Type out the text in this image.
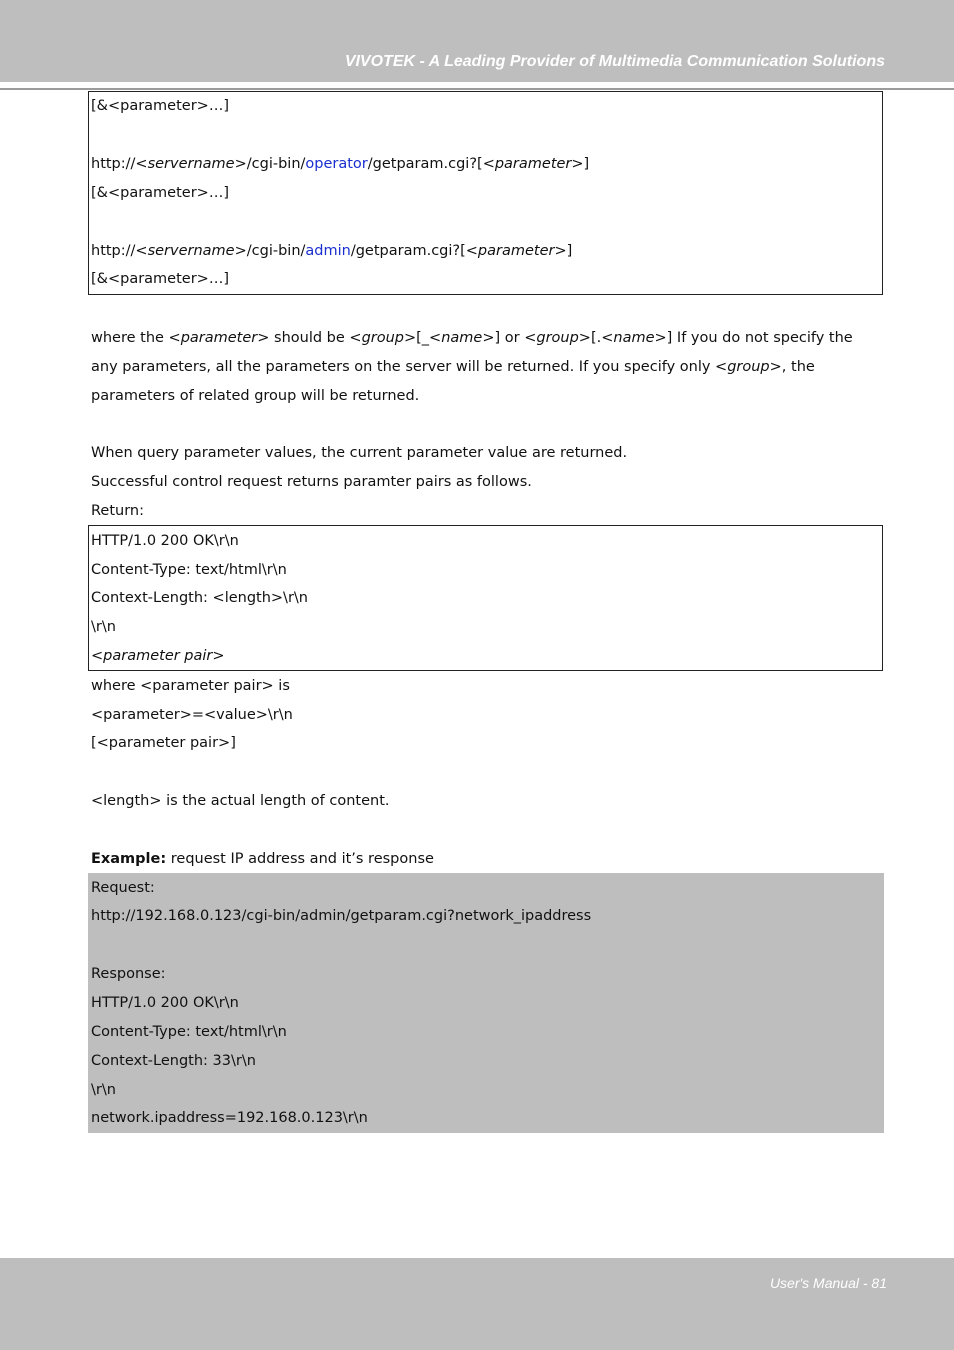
VIVOTEK - A Leading Provider of Multimedia Communication Solutions
[&<parameter>…]
http://<servername>/cgi-bin/operator/getparam.cgi?[<parameter>]
[&<parameter>…]
http://<servername>/cgi-bin/admin/getparam.cgi?[<parameter>]
[&<parameter>…]
where the <parameter> should be <group>[_<name>] or <group>[.<name>] If you do not specify the
any parameters, all the parameters on the server will be returned. If you specify only <group>, the
parameters of related group will be returned.
When query parameter values, the current parameter value are returned.
Successful control request returns paramter pairs as follows.
Return:
HTTP/1.0 200 OK\r\n
Content-Type: text/html\r\n
Context-Length: <length>\r\n
\r\n
<parameter pair>
where <parameter pair> is
<parameter>=<value>\r\n
[<parameter pair>]
<length> is the actual length of content.
Example: request IP address and it’s response
Request:
http://192.168.0.123/cgi-bin/admin/getparam.cgi?network_ipaddress
Response:
HTTP/1.0 200 OK\r\n
Content-Type: text/html\r\n
Context-Length: 33\r\n
\r\n
network.ipaddress=192.168.0.123\r\n
User's Manual - 81
